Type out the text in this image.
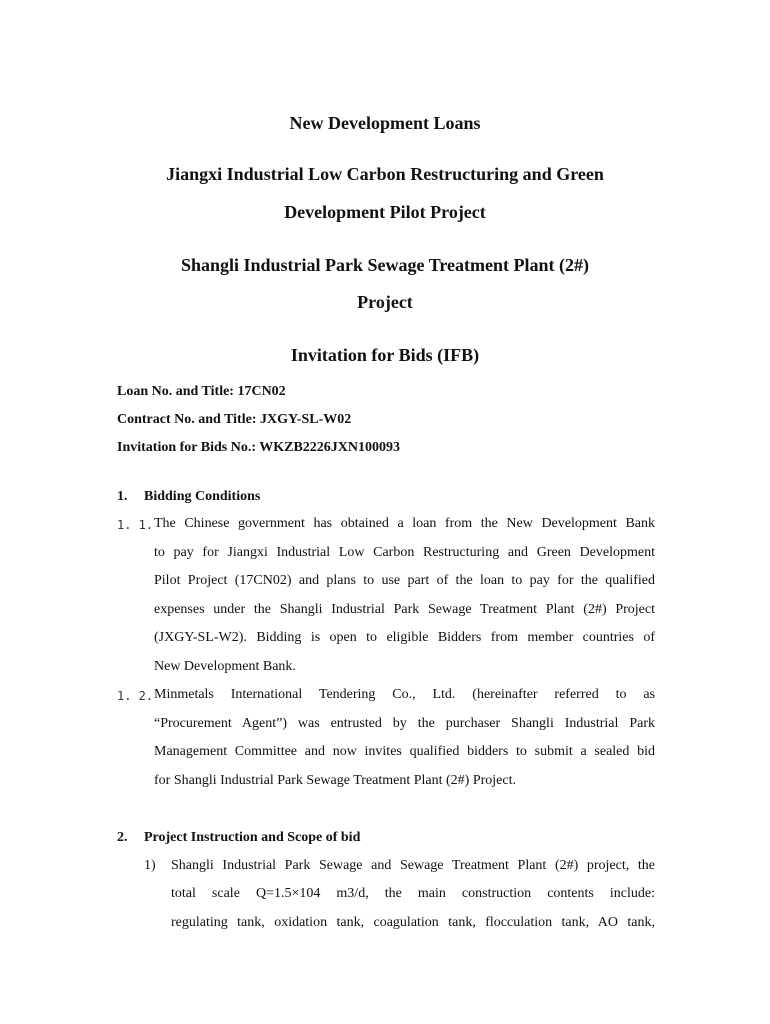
New Development Loans
Jiangxi Industrial Low Carbon Restructuring and Green
Development Pilot Project
Shangli Industrial Park Sewage Treatment Plant (2#)
Project
Invitation for Bids (IFB)
Loan No. and Title: 17CN02
Contract No. and Title: JXGY-SL-W02
Invitation for Bids No.: WKZB2226JXN100093
1. Bidding Conditions
1. 1. The Chinese government has obtained a loan from the New Development Bank
to pay for Jiangxi Industrial Low Carbon Restructuring and Green Development
Pilot Project (17CN02) and plans to use part of the loan to pay for the qualified
expenses under the Shangli Industrial Park Sewage Treatment Plant (2#) Project
(JXGY-SL-W2). Bidding is open to eligible Bidders from member countries of
New Development Bank.
1. 2. Minmetals International Tendering Co., Ltd. (hereinafter referred to as
“Procurement Agent”) was entrusted by the purchaser Shangli Industrial Park
Management Committee and now invites qualified bidders to submit a sealed bid
for Shangli Industrial Park Sewage Treatment Plant (2#) Project.
2. Project Instruction and Scope of bid
1) Shangli Industrial Park Sewage and Sewage Treatment Plant (2#) project, the
total scale Q=1.5×104 m3/d, the main construction contents include:
regulating tank, oxidation tank, coagulation tank, flocculation tank, AO tank,
